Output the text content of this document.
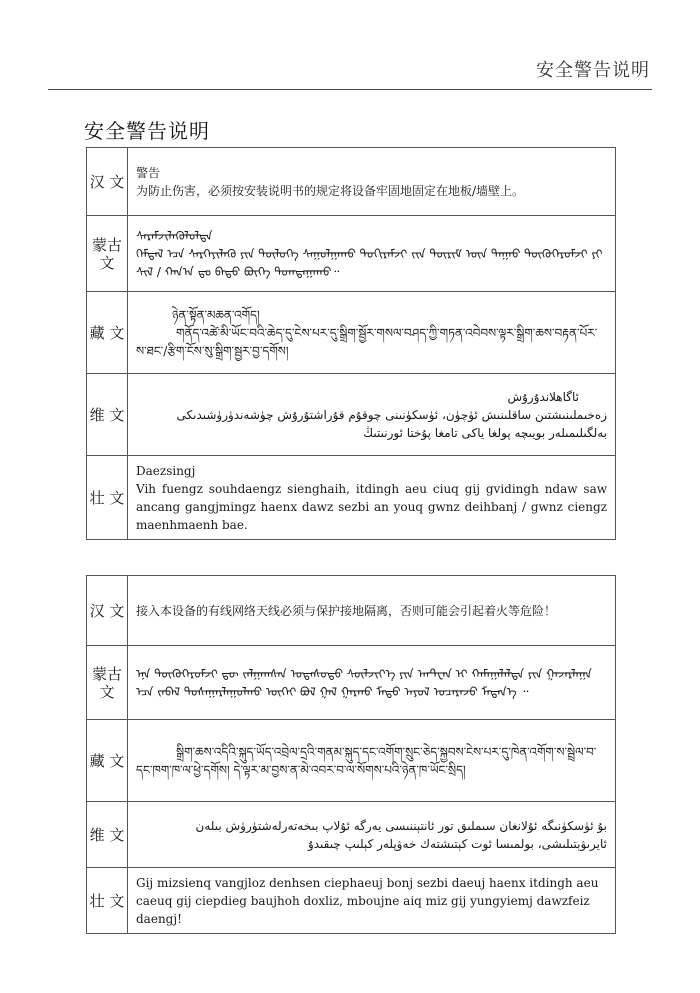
安全警告说明
安全警告说明
汉 文	警告
为防止伤害，必须按安装说明书的规定将设备牢固地固定在地板/墙壁上。

蒙古文	ᠰᠡᠷᠡᠮᠵᠢᠯᠡᠬᠦᠯᠦᠯᠲᠡ
ᠭᠡᠮᠲᠡᠯ ᠡᠴᠡ ᠰᠡᠷᠭᠡᠶᠢᠯᠡᠬᠦ ᠶᠢᠨ ᠲᠥᠯᠥᠭᠡ ᠰᠠᠭᠤᠯᠭᠠᠬᠤ ᠲᠣᠬᠢᠷᠠᠮᠵᠢ ᠵᠢᠨ ᠳᠦᠷᠢᠮ ᠦᠨ ᠳᠠᠭᠠᠤ ᠲᠥᠬᠥᠭᠡᠷᠦᠮᠵᠢ ᠶᠢ ᠰᠢᠯ / ᠬᠠᠨ᠎ᠠ ᠳᠤ ᠪᠠᠲᠤ ᠪᠥᠬᠡ ᠲᠣᠭᠲᠠᠭᠠᠬᠤ᠃

藏 文	ཉེན་སྟོན་མཆན་འགོད།
གནོད་འཚེ་མི་ཡོང་བའི་ཆེད་དུ་ངེས་པར་དུ་སྒྲིག་སྦྱོར་གསལ་བཤད་ཀྱི་གཏན་འབེབས་ལྟར་སྒྲིག་ཆས་བརྟན་པོར་ས་ཐང་/རྩིག་ངོས་སུ་སྒྲིག་སྦྱར་བྱ་དགོས།

维 文	ئاگاھلاندۇرۇش
زەخىملىنىشتىن ساقلىنىش ئۈچۈن، ئۈسكۈنىنى چوقۇم قۇراشتۇرۇش چۈشەندۈرۈشىدىكى بەلگىلىمىلەر بويىچە پولغا ياكى تامغا پۇختا ئورنىتىڭ

壮 文	Daezsingj
Vih fuengz souhdaengz sienghaih, itdingh aeu ciuq gij gvidingh ndaw saw ancang gangjmingz haenx dawz sezbi an youq gwnz deihbanj / gwnz ciengz maenhmaenh bae.
汉 文	接入本设备的有线网络天线必须与保护接地隔离，否则可能会引起着火等危险！

蒙古文	ᠡᠨᠡ ᠲᠥᠬᠥᠭᠡᠷᠦᠮᠵᠢ ᠳᠦ ᠵᠠᠯᠭᠠᠭᠰᠠᠨ ᠤᠲᠠᠰᠤᠲᠤ ᠰᠦᠯᠵᠢᠶ᠎ᠡ ᠶᠢᠨ ᠠᠨᠲ᠋ᠸᠠᠨ ᠢ ᠬᠠᠮᠠᠭᠠᠯᠠᠯᠲᠠ ᠶᠢᠨ ᠭᠠᠵᠠᠷᠯᠠᠭᠠ ᠡᠴᠡ ᠵᠠᠪᠠᠯ ᠲᠤᠰᠠᠭᠠᠷᠯᠠᠭᠤᠯᠬᠤ ᠦᠭᠡᠢ ᠪᠣᠯ ᠭᠠᠯ ᠭᠠᠷᠬᠤ ᠮᠡᠲᠦ ᠠᠶᠤᠯ ᠤᠴᠠᠷᠠᠵᠤ ᠮᠡᠳᠡᠨ᠎ᠡ ᠃

藏 文	སྒྲིག་ཆས་འདིའི་སྐུད་ཡོད་འབྲེལ་དྲའི་གནམ་སྐུད་དང་འགོག་སྲུང་ཅེད་སྐྱབས་ངེས་པར་དུ་ཁེན་འགོག་ས་སྦྲེལ་བ་དང་ཁག་ཁ་ལ་ཕྱེ་དགོས། དེ་ལྟར་མ་བྱས་ན་མེ་འབར་བ་ལ་སོགས་པའི་ཉེན་ཁ་ཡོང་སྲིད།

维 文	بۇ ئۈسكۈنىگە ئۇلانغان سىملىق تور ئانتېننىسى يەرگە ئۇلاپ بىخەتەرلەشتۈرۈش بىلەن ئايرىۋېتىلىشى، بولمىسا ئوت كېتىشتەك خەۋپلەر كېلىپ چىقىدۇ

壮 文	Gij mizsienq vangjloz denhsen ciephaeuj bonj sezbi daeuj haenx itdingh aeu caeuq gij ciepdieg baujhoh doxliz, mboujne aiq miz gij yungyiemj dawzfeiz daengj!
